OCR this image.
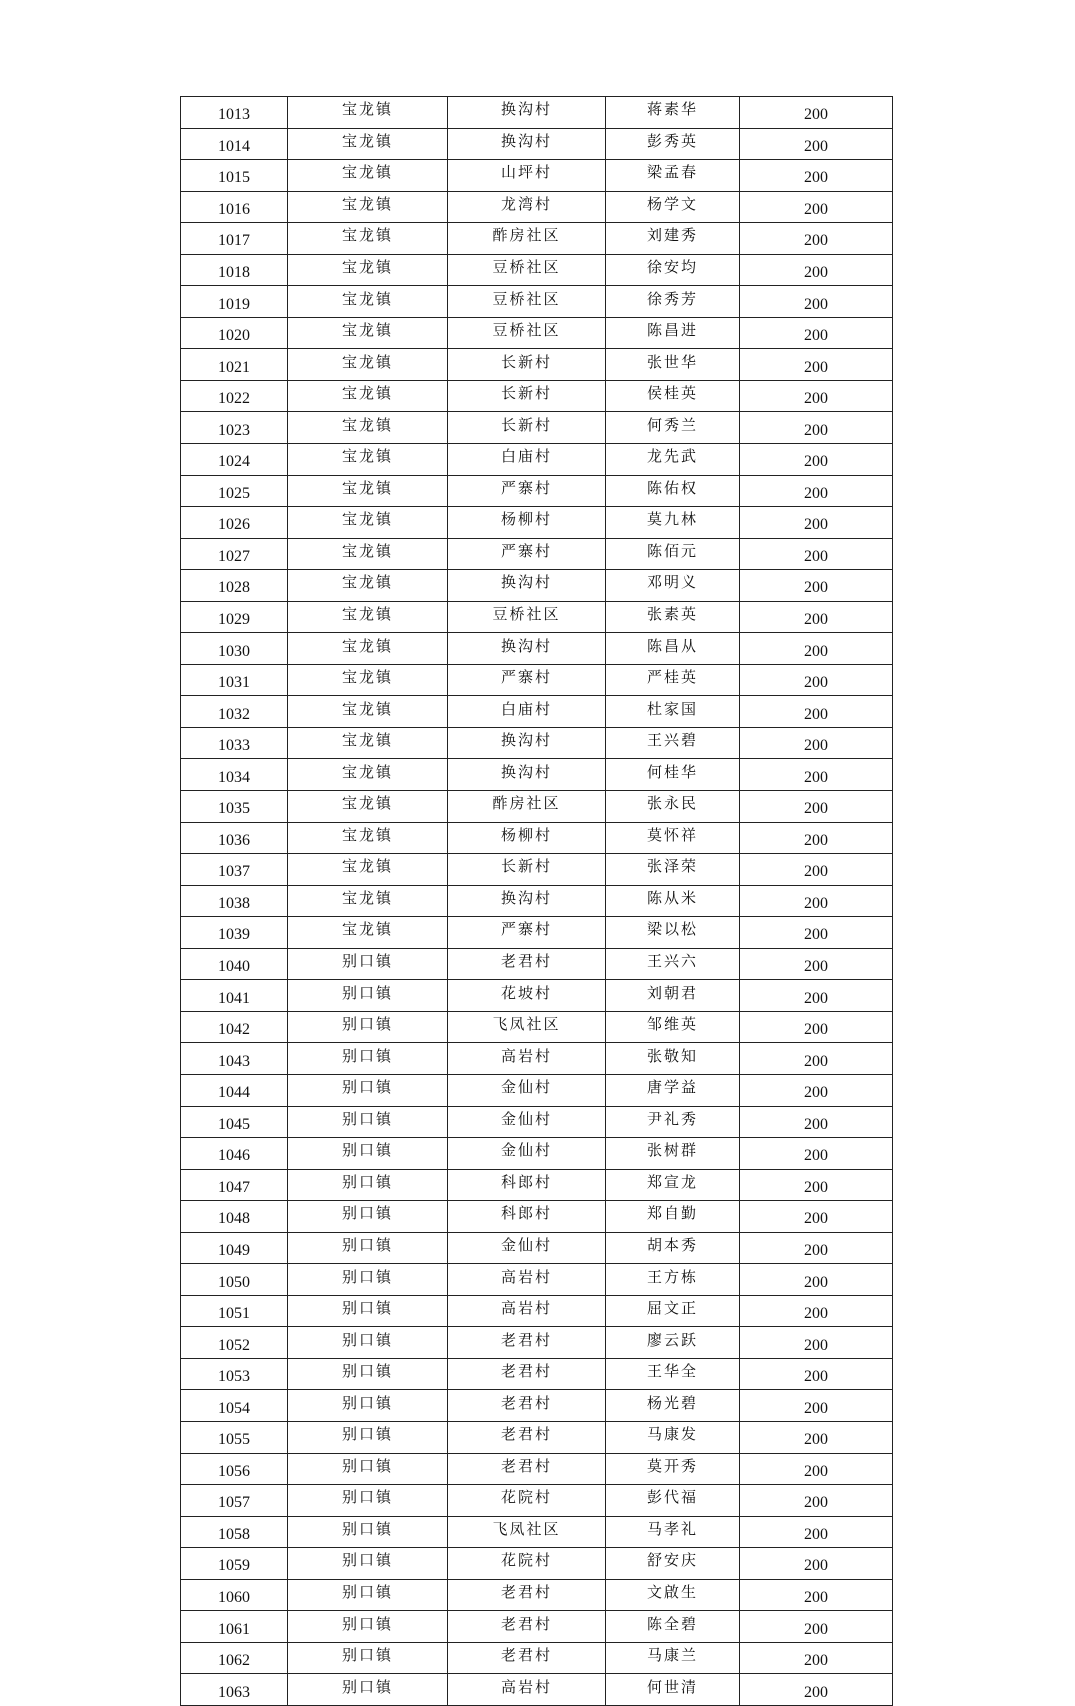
1013	宝龙镇	换沟村	蒋素华	200
1014	宝龙镇	换沟村	彭秀英	200
1015	宝龙镇	山坪村	梁孟春	200
1016	宝龙镇	龙湾村	杨学文	200
1017	宝龙镇	酢房社区	刘建秀	200
1018	宝龙镇	豆桥社区	徐安均	200
1019	宝龙镇	豆桥社区	徐秀芳	200
1020	宝龙镇	豆桥社区	陈昌进	200
1021	宝龙镇	长新村	张世华	200
1022	宝龙镇	长新村	侯桂英	200
1023	宝龙镇	长新村	何秀兰	200
1024	宝龙镇	白庙村	龙先武	200
1025	宝龙镇	严寨村	陈佑权	200
1026	宝龙镇	杨柳村	莫九林	200
1027	宝龙镇	严寨村	陈佰元	200
1028	宝龙镇	换沟村	邓明义	200
1029	宝龙镇	豆桥社区	张素英	200
1030	宝龙镇	换沟村	陈昌从	200
1031	宝龙镇	严寨村	严桂英	200
1032	宝龙镇	白庙村	杜家国	200
1033	宝龙镇	换沟村	王兴碧	200
1034	宝龙镇	换沟村	何桂华	200
1035	宝龙镇	酢房社区	张永民	200
1036	宝龙镇	杨柳村	莫怀祥	200
1037	宝龙镇	长新村	张泽荣	200
1038	宝龙镇	换沟村	陈从米	200
1039	宝龙镇	严寨村	梁以松	200
1040	别口镇	老君村	王兴六	200
1041	别口镇	花坡村	刘朝君	200
1042	别口镇	飞凤社区	邹维英	200
1043	别口镇	高岩村	张敬知	200
1044	别口镇	金仙村	唐学益	200
1045	别口镇	金仙村	尹礼秀	200
1046	别口镇	金仙村	张树群	200
1047	别口镇	科郎村	郑宣龙	200
1048	别口镇	科郎村	郑自勤	200
1049	别口镇	金仙村	胡本秀	200
1050	别口镇	高岩村	王方栋	200
1051	别口镇	高岩村	屈文正	200
1052	别口镇	老君村	廖云跃	200
1053	别口镇	老君村	王华全	200
1054	别口镇	老君村	杨光碧	200
1055	别口镇	老君村	马康发	200
1056	别口镇	老君村	莫开秀	200
1057	别口镇	花院村	彭代福	200
1058	别口镇	飞凤社区	马孝礼	200
1059	别口镇	花院村	舒安庆	200
1060	别口镇	老君村	文啟生	200
1061	别口镇	老君村	陈全碧	200
1062	别口镇	老君村	马康兰	200
1063	别口镇	高岩村	何世清	200
